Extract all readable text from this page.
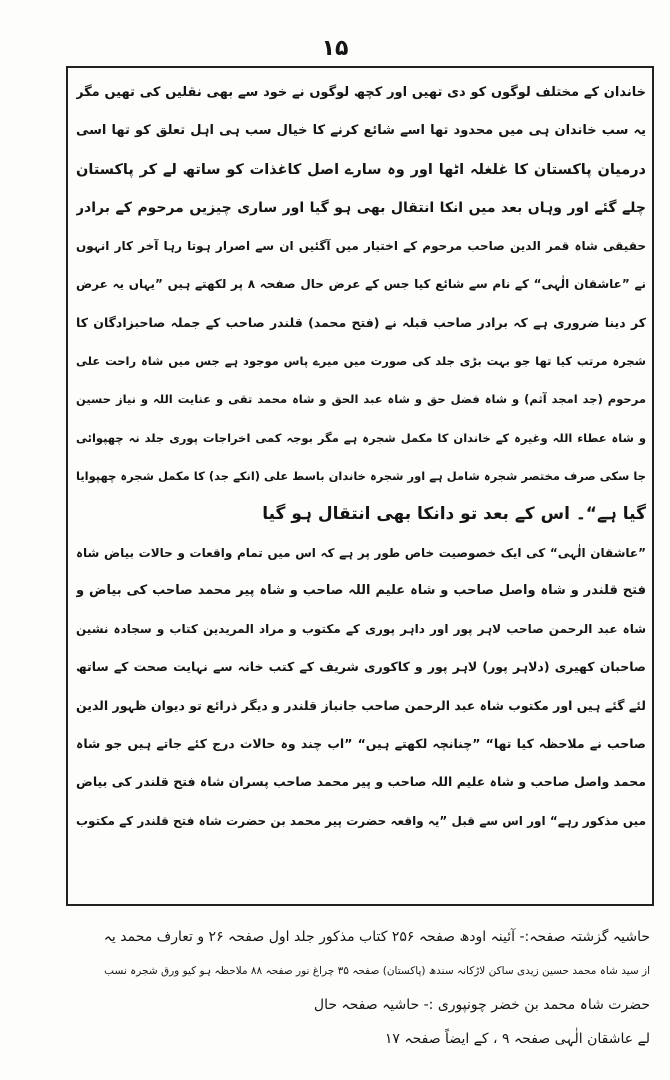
۱۵
خاندان کے مختلف لوگوں کو دی تھیں اور کچھ لوگوں نے خود سے بھی نقلیں کی تھیں مگر
یہ سب خاندان ہی میں محدود تھا اسے شائع کرنے کا خیال سب ہی اہل تعلق کو تھا اسی
درمیان پاکستان کا غلغلہ اٹھا اور وہ سارے اصل کاغذات کو ساتھ لے کر پاکستان
چلے گئے اور وہاں بعد میں انکا انتقال بھی ہو گیا اور ساری چیزیں مرحوم کے برادر
حقیقی شاہ قمر الدین صاحب مرحوم کے اختیار میں آگئیں ان سے اصرار ہوتا رہا آخر کار انہوں
نے ”عاشقان الٰہی“ کے نام سے شائع کیا جس کے عرض حال صفحہ ۸ پر لکھتے ہیں ”یہاں یہ عرض
کر دینا ضروری ہے کہ برادر صاحب قبلہ نے (فتح محمد) قلندر صاحب کے جملہ صاحبزادگان کا
شجرہ مرتب کیا تھا جو بہت بڑی جلد کی صورت میں میرے پاس موجود ہے جس میں شاہ راحت علی
مرحوم (جد امجد آثم) و شاہ فضل حق و شاہ عبد الحق و شاہ محمد تقی و عنایت اللہ و نیاز حسین
و شاہ عطاء اللہ وغیرہ کے خاندان کا مکمل شجرہ ہے مگر بوجہ کمی اخراجات پوری جلد نہ چھپوائی
جا سکی صرف مختصر شجرہ شامل ہے اور شجرہ خاندان باسط علی (انکے جد) کا مکمل شجرہ چھپوایا
گیا ہے“۔ اس کے بعد تو دانکا بھی انتقال ہو گیا
”عاشقان الٰہی“ کی ایک خصوصیت خاص طور پر ہے کہ اس میں تمام واقعات و حالات بیاض شاہ
فتح قلندر و شاہ واصل صاحب و شاہ علیم اللہ صاحب و شاہ پیر محمد صاحب کی بیاض و
شاہ عبد الرحمن صاحب لاہر پور اور داہر پوری کے مکتوب و مراد المریدین کتاب و سجادہ نشین
صاحبان کھیری (دلاہر پور) لاہر پور و کاکوری شریف کے کتب خانہ سے نہایت صحت کے ساتھ
لئے گئے ہیں اور مکتوب شاہ عبد الرحمن صاحب جانباز قلندر و دیگر ذرائع تو دیوان ظہور الدین
صاحب نے ملاحظہ کیا تھا“ ”چنانچہ لکھتے ہیں“ ”اب چند وہ حالات درج کئے جاتے ہیں جو شاہ
محمد واصل صاحب و شاہ علیم اللہ صاحب و پیر محمد صاحب پسران شاہ فتح قلندر کی بیاض
میں مذکور رہے“ اور اس سے قبل ”یہ واقعہ حضرت پیر محمد بن حضرت شاہ فتح قلندر کے مکتوب
حاشیہ گزشتہ صفحہ:- آئینہ اودھ صفحہ ۲۵۶ کتاب مذکور جلد اول صفحہ ۲۶ و تعارف محمد یہ
از سید شاہ محمد حسین زیدی ساکن لاڑکانہ سندھ (پاکستان) صفحہ ۳۵ چراغ نور صفحہ ۸۸ ملاحظہ ہو کیو ورق شجرہ نسب
حضرت شاہ محمد بن خضر چونپوری :- حاشیہ صفحہ حال
لے عاشقان الٰہی صفحہ ۹ ، کے ایضاً صفحہ ۱۷
